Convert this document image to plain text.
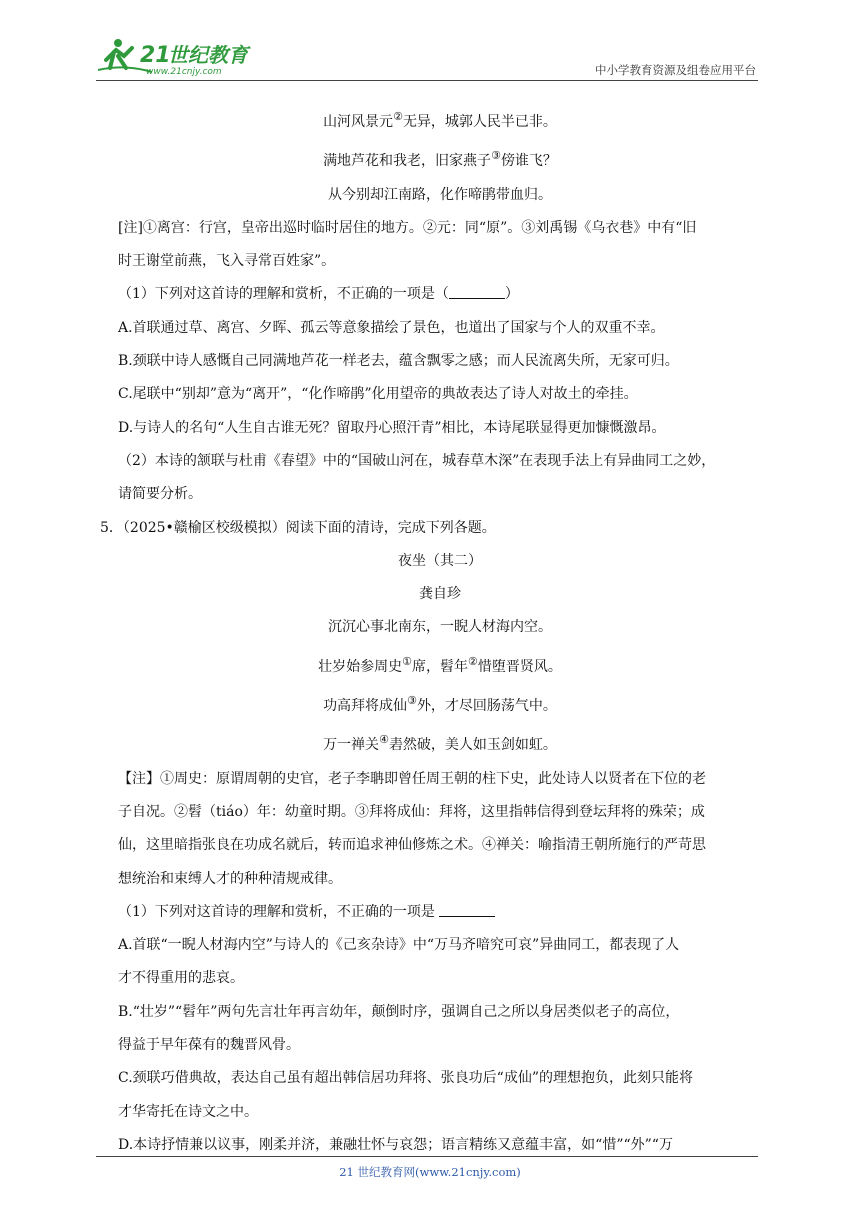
21
世纪教育
www.21cnjy.com	中小学教育资源及组卷应用平台
山河风景元②无异，城郭人民半已非。
满地芦花和我老，旧家燕子③傍谁飞？
从今别却江南路，化作啼鹃带血归。
[注]①离宫：行宫，皇帝出巡时临时居住的地方。②元：同“原”。③刘禹锡《乌衣巷》中有“旧
时王谢堂前燕，飞入寻常百姓家”。
（1）下列对这首诗的理解和赏析，不正确的一项是（	）
A.首联通过草、离宫、夕晖、孤云等意象描绘了景色，也道出了国家与个人的双重不幸。
B.颈联中诗人感慨自己同满地芦花一样老去，蕴含飘零之感；而人民流离失所，无家可归。
C.尾联中“别却”意为“离开”，“化作啼鹃”化用望帝的典故表达了诗人对故土的牵挂。
D.与诗人的名句“人生自古谁无死？留取丹心照汗青”相比，本诗尾联显得更加慷慨激昂。
（2）本诗的颔联与杜甫《春望》中的“国破山河在，城春草木深”在表现手法上有异曲同工之妙，
请简要分析。
5．（2025•赣榆区校级模拟）阅读下面的清诗，完成下列各题。
夜坐（其二）
龚自珍
沉沉心事北南东，一睨人材海内空。
壮岁始参周史①席，髫年②惜堕晋贤风。
功高拜将成仙③外，才尽回肠荡气中。
万一禅关④砉然破，美人如玉剑如虹。
【注】①周史：原谓周朝的史官，老子李聃即曾任周王朝的柱下史，此处诗人以贤者在下位的老
子自况。②髫（tiáo）年：幼童时期。③拜将成仙：拜将，这里指韩信得到登坛拜将的殊荣；成
仙，这里暗指张良在功成名就后，转而追求神仙修炼之术。④禅关：喻指清王朝所施行的严苛思
想统治和束缚人才的种种清规戒律。
（1）下列对这首诗的理解和赏析，不正确的一项是
A.首联“一睨人材海内空”与诗人的《己亥杂诗》中“万马齐喑究可哀”异曲同工，都表现了人
才不得重用的悲哀。
B.“壮岁”“髫年”两句先言壮年再言幼年，颠倒时序，强调自己之所以身居类似老子的高位，
得益于早年葆有的魏晋风骨。
C.颈联巧借典故，表达自己虽有超出韩信居功拜将、张良功后“成仙”的理想抱负，此刻只能将
才华寄托在诗文之中。
D.本诗抒情兼以议事，刚柔并济，兼融壮怀与哀怨；语言精练又意蕴丰富，如“惜”“外”“万
21 世纪教育网(www.21cnjy.com)
